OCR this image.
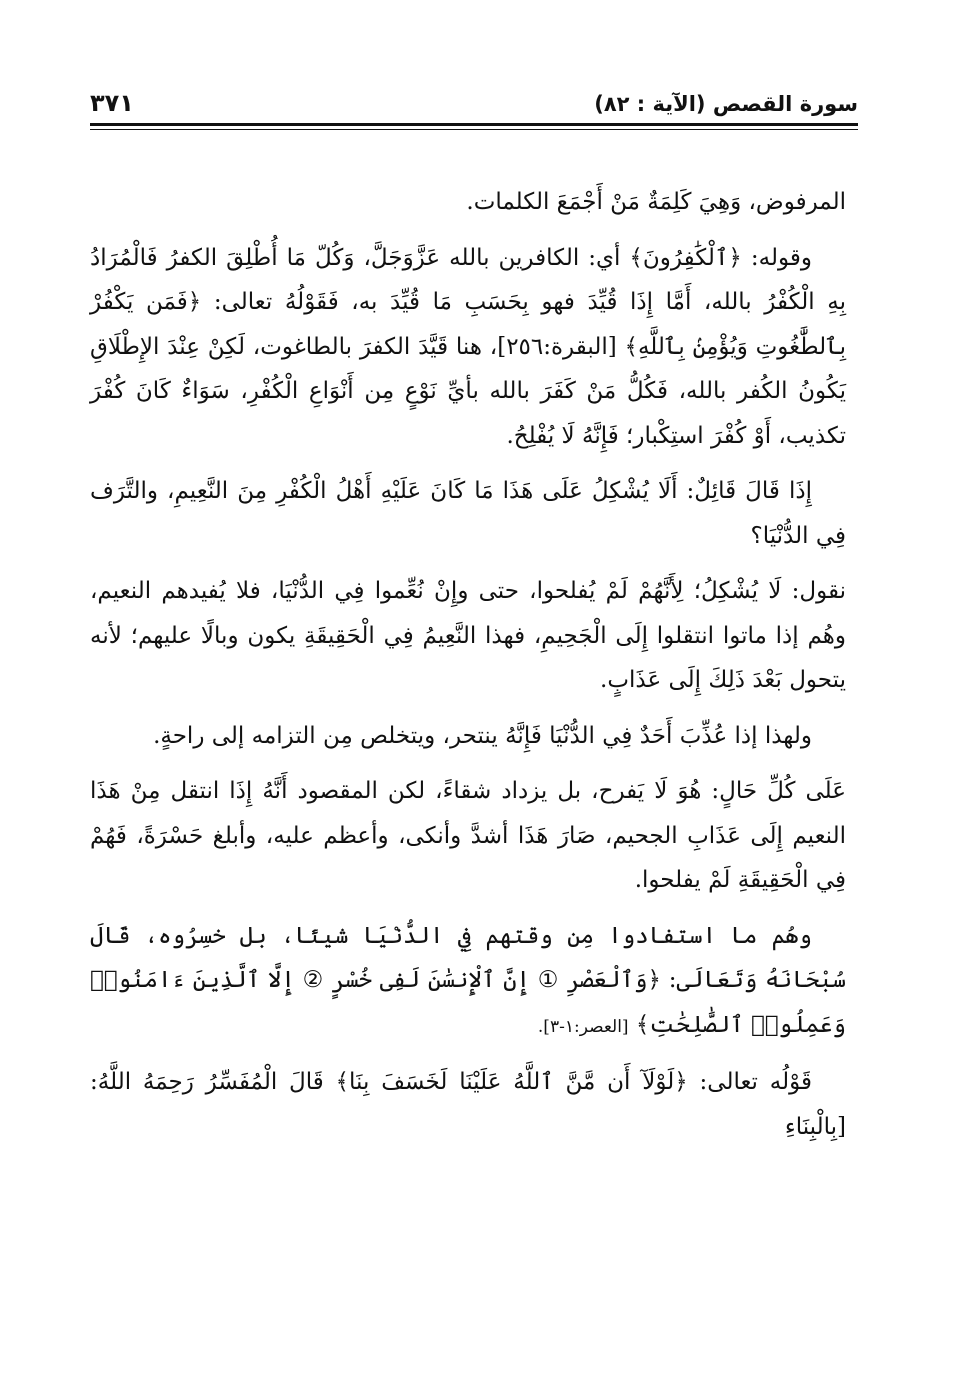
سورة القصص (الآية : ٨٢)
٣٧١

المرفوض، وَهِيَ كَلِمَةٌ مَنْ أَجْمَعَ الكلمات.

وقوله: ﴿ٱلْكَٰفِرُونَ﴾ أي: الكافرين بالله عَزَّوَجَلَّ، وَكُلّ مَا أُطْلِقَ الكفرُ فَالْمُرَادُ بِهِ الْكُفْرُ بالله، أَمَّا إِذَا قُيِّدَ فهو بِحَسَبِ مَا قُيِّدَ به، فَقَوْلُهُ تعالى: ﴿فَمَن يَكْفُرْ بِٱلطَّٰغُوتِ وَيُؤْمِنۢ بِٱللَّهِ﴾ [البقرة:٢٥٦]، هنا قَيَّدَ الكفرَ بالطاغوت، لَكِنْ عِنْدَ الإِطْلَاقِ يَكُونُ الكُفر بالله، فَكُلُّ مَنْ كَفَرَ بالله بأيِّ نَوْعٍ مِن أَنْوَاعِ الْكُفْرِ، سَوَاءٌ كَانَ كُفْرَ تكذيب، أَوْ كُفْرَ استِكْبار؛ فَإِنَّهُ لَا يُفْلِحُ.

إِذَا قَالَ قَائِلٌ: أَلَا يُشْكِلُ عَلَى هَذَا مَا كَانَ عَلَيْهِ أَهْلُ الْكُفْرِ مِنَ النَّعِيمِ، والتَّرَف فِي الدُّنْيَا؟

نقول: لَا يُشْكِلُ؛ لِأَنَّهُمْ لَمْ يُفلحوا، حتى وإِنْ نُعِّموا فِي الدُّنْيَا، فلا يُفيدهم النعيم، وهُم إذا ماتوا انتقلوا إِلَى الْجَحِيمِ، فهذا النَّعِيمُ فِي الْحَقِيقَةِ يكون وبالًا عليهم؛ لأنه يتحول بَعْدَ ذَلِكَ إِلَى عَذَابٍ.

ولهذا إذا عُذِّبَ أَحَدٌ فِي الدُّنْيَا فَإِنَّهُ ينتحر، ويتخلص مِن التزامه إلى راحةٍ.

عَلَى كُلِّ حَالٍ: هُوَ لَا يَفرح، بل يزداد شقاءً، لكن المقصود أَنَّهُ إِذَا انتقل مِنْ هَذَا النعيم إِلَى عَذَابِ الجحيم، صَارَ هَذَا أشدَّ وأنكى، وأعظم عليه، وأبلغ حَسْرَةً، فَهُمْ فِي الْحَقِيقَةِ لَمْ يفلحوا.

وهُم ما استفادوا مِن وقتهم فِي الدُّنْيَا شيئًا، بل خسِرُوه، قَالَ سُبْحَانَهُ وَتَعَالَى: ﴿وَٱلْعَصْرِ ① إِنَّ ٱلْإِنسَٰنَ لَفِى خُسْرٍ ② إِلَّا ٱلَّذِينَ ءَامَنُوا۟ وَعَمِلُوا۟ ٱلصَّٰلِحَٰتِ﴾ [العصر:١-٣].

قَوْلُه تعالى: ﴿لَوْلَآ أَن مَّنَّ ٱللَّهُ عَلَيْنَا لَخَسَفَ بِنَا﴾ قَالَ الْمُفَسِّرُ رَحِمَهُ اللَّهُ: [بِالْبِنَاءِ
